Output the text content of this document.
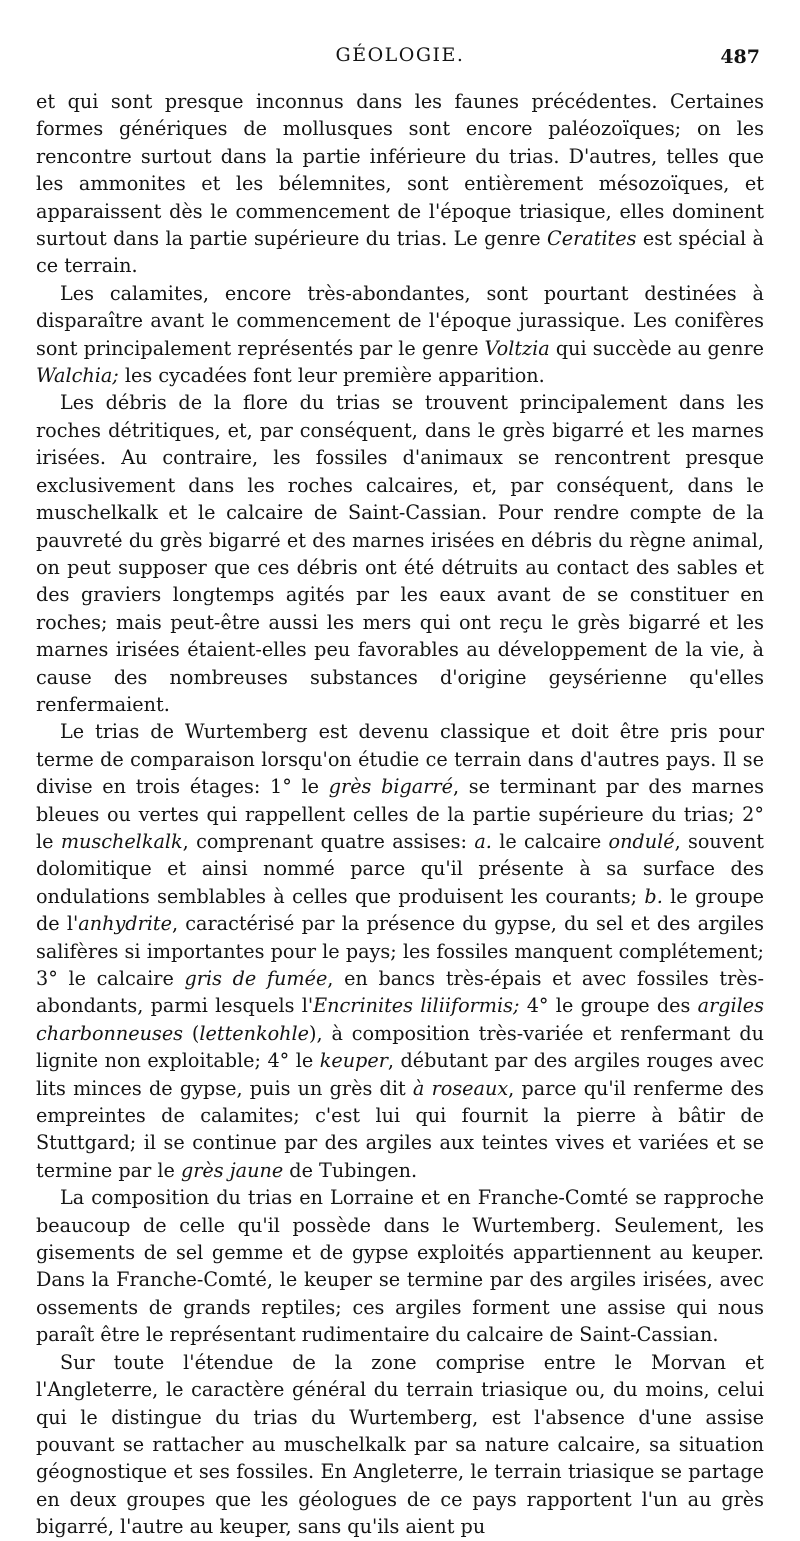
GÉOLOGIE.	487

et qui sont presque inconnus dans les faunes précédentes. Certaines formes génériques de mollusques sont encore paléozoïques; on les rencontre surtout dans la partie inférieure du trias. D'autres, telles que les ammonites et les bélemnites, sont entièrement mésozoïques, et apparaissent dès le commencement de l'époque triasique, elles dominent surtout dans la partie supérieure du trias. Le genre Ceratites est spécial à ce terrain.

Les calamites, encore très-abondantes, sont pourtant destinées à disparaître avant le commencement de l'époque jurassique. Les conifères sont principalement représentés par le genre Voltzia qui succède au genre Walchia; les cycadées font leur première apparition.

Les débris de la flore du trias se trouvent principalement dans les roches détritiques, et, par conséquent, dans le grès bigarré et les marnes irisées. Au contraire, les fossiles d'animaux se rencontrent presque exclusivement dans les roches calcaires, et, par conséquent, dans le muschelkalk et le calcaire de Saint-Cassian. Pour rendre compte de la pauvreté du grès bigarré et des marnes irisées en débris du règne animal, on peut supposer que ces débris ont été détruits au contact des sables et des graviers longtemps agités par les eaux avant de se constituer en roches; mais peut-être aussi les mers qui ont reçu le grès bigarré et les marnes irisées étaient-elles peu favorables au développement de la vie, à cause des nombreuses substances d'origine geysérienne qu'elles renfermaient.

Le trias de Wurtemberg est devenu classique et doit être pris pour terme de comparaison lorsqu'on étudie ce terrain dans d'autres pays. Il se divise en trois étages: 1° le grès bigarré, se terminant par des marnes bleues ou vertes qui rappellent celles de la partie supérieure du trias; 2° le muschelkalk, comprenant quatre assises: a. le calcaire ondulé, souvent dolomitique et ainsi nommé parce qu'il présente à sa surface des ondulations semblables à celles que produisent les courants; b. le groupe de l'anhydrite, caractérisé par la présence du gypse, du sel et des argiles salifères si importantes pour le pays; les fossiles manquent complétement; 3° le calcaire gris de fumée, en bancs très-épais et avec fossiles très-abondants, parmi lesquels l'Encrinites liliiformis; 4° le groupe des argiles charbonneuses (lettenkohle), à composition très-variée et renfermant du lignite non exploitable; 4° le keuper, débutant par des argiles rouges avec lits minces de gypse, puis un grès dit à roseaux, parce qu'il renferme des empreintes de calamites; c'est lui qui fournit la pierre à bâtir de Stuttgard; il se continue par des argiles aux teintes vives et variées et se termine par le grès jaune de Tubingen.

La composition du trias en Lorraine et en Franche-Comté se rapproche beaucoup de celle qu'il possède dans le Wurtemberg. Seulement, les gisements de sel gemme et de gypse exploités appartiennent au keuper. Dans la Franche-Comté, le keuper se termine par des argiles irisées, avec ossements de grands reptiles; ces argiles forment une assise qui nous paraît être le représentant rudimentaire du calcaire de Saint-Cassian.

Sur toute l'étendue de la zone comprise entre le Morvan et l'Angleterre, le caractère général du terrain triasique ou, du moins, celui qui le distingue du trias du Wurtemberg, est l'absence d'une assise pouvant se rattacher au muschelkalk par sa nature calcaire, sa situation géognostique et ses fossiles. En Angleterre, le terrain triasique se partage en deux groupes que les géologues de ce pays rapportent l'un au grès bigarré, l'autre au keuper, sans qu'ils aient pu
